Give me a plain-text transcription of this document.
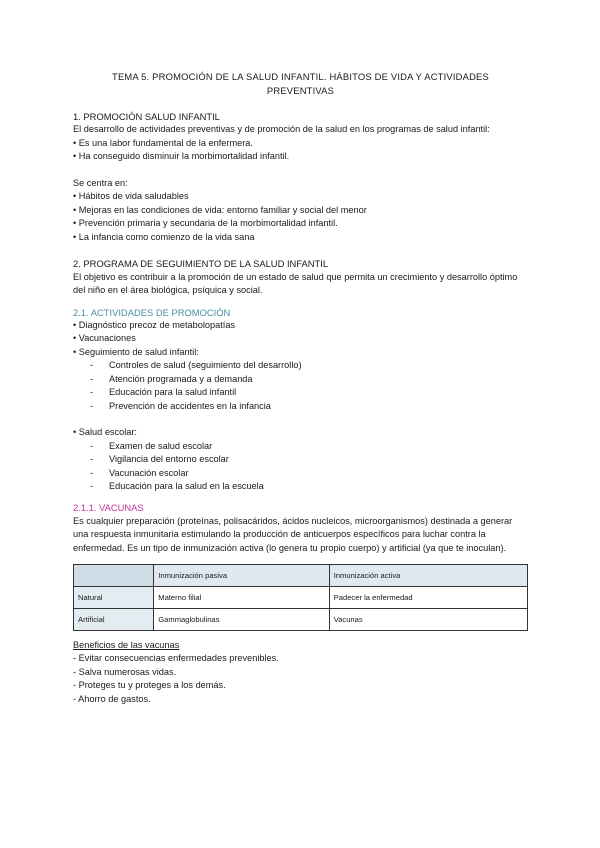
TEMA 5. PROMOCIÓN DE LA SALUD INFANTIL. HÁBITOS DE VIDA Y ACTIVIDADES PREVENTIVAS

1. PROMOCIÓN SALUD INFANTIL

El desarrollo de actividades preventivas y de promoción de la salud en los programas de salud infantil:

• Es una labor fundamental de la enfermera.

• Ha conseguido disminuir la morbimortalidad infantil.

Se centra en:

• Hábitos de vida saludables

• Mejoras en las condiciones de vida: entorno familiar y social del menor

• Prevención primaria y secundaria de la morbimortalidad infantil.

• La infancia como comienzo de la vida sana

2. PROGRAMA DE SEGUIMIENTO DE LA SALUD INFANTIL

El objetivo es contribuir a la promoción de un estado de salud que permita un crecimiento y desarrollo óptimo del niño en el área biológica, psíquica y social.

2.1. ACTIVIDADES DE PROMOCIÓN

• Diagnóstico precoz de metabolopatías

• Vacunaciones

• Seguimiento de salud infantil:

- Controles de salud (seguimiento del desarrollo)

- Atención programada y a demanda

- Educación para la salud infantil

- Prevención de accidentes en la infancia

• Salud escolar:

- Examen de salud escolar

- Vigilancia del entorno escolar

- Vacunación escolar

- Educación para la salud en la escuela

2.1.1. VACUNAS

Es cualquier preparación (proteínas, polisacáridos, ácidos nucleicos, microorganismos) destinada a generar una respuesta inmunitaria estimulando la producción de anticuerpos específicos para luchar contra la enfermedad. Es un tipo de inmunización activa (lo genera tu propio cuerpo) y artificial (ya que te inoculan).

	Inmunización pasiva	Inmunización activa
Natural	Materno filial	Padecer la enfermedad
Artificial	Gammaglobulinas	Vacunas

Beneficios de las vacunas

- Evitar consecuencias enfermedades prevenibles.

- Salva numerosas vidas.

- Proteges tu y proteges a los demás.

- Ahorro de gastos.
